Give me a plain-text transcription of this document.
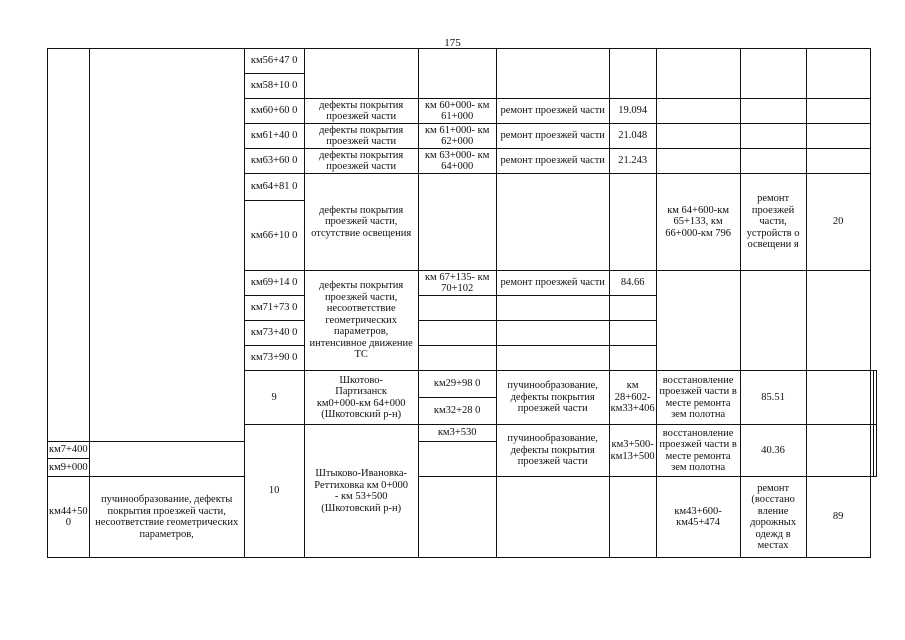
175
		км56+47 0									
		км58+10 0									
		км60+60 0	дефекты покрытия проезжей части	км 60+000- км 61+000	ремонт проезжей части	19.094					
		км61+40 0	дефекты покрытия проезжей части	км 61+000- км 62+000	ремонт проезжей части	21.048					
		км63+60 0	дефекты покрытия проезжей части	км 63+000- км 64+000	ремонт проезжей части	21.243					
		км64+81 0	дефекты покрытия проезжей части, отсутствие освещения				км 64+600-км 65+133, км 66+000-км 796	ремонт проезжей части, устройств о освещени я	20		
		км66+10 0									
		км69+14 0	дефекты покрытия проезжей части, несоответствие геометрических параметров, интенсивное движение ТС	км 67+135- км 70+102	ремонт проезжей части	84.66					
		км71+73 0									
		км73+40 0									
		км73+90 0									
		9	Шкотово-Партизанск км0+000-км 64+000 (Шкотовский р-н)	км29+98 0	пучинообразование, дефекты покрытия проезжей части	км 28+602- км33+406	восстановление проезжей части в месте ремонта зем полотна	85.51			
				км32+28 0							
		10	Штыково-Ивановка-Реттиховка км 0+000 - км 53+500 (Шкотовский р-н)	км3+530	пучинообразование, дефекты покрытия проезжей части	км3+500- км13+500	восстановление проезжей части в месте ремонта зем полотна	40.36			
км7+400											
км9+000											
км44+50 0	пучинообразование, дефекты покрытия проезжей части, несоответствие геометрических параметров,						км43+600- км45+474	ремонт (восстано вление дорожных одежд в местах	89		
